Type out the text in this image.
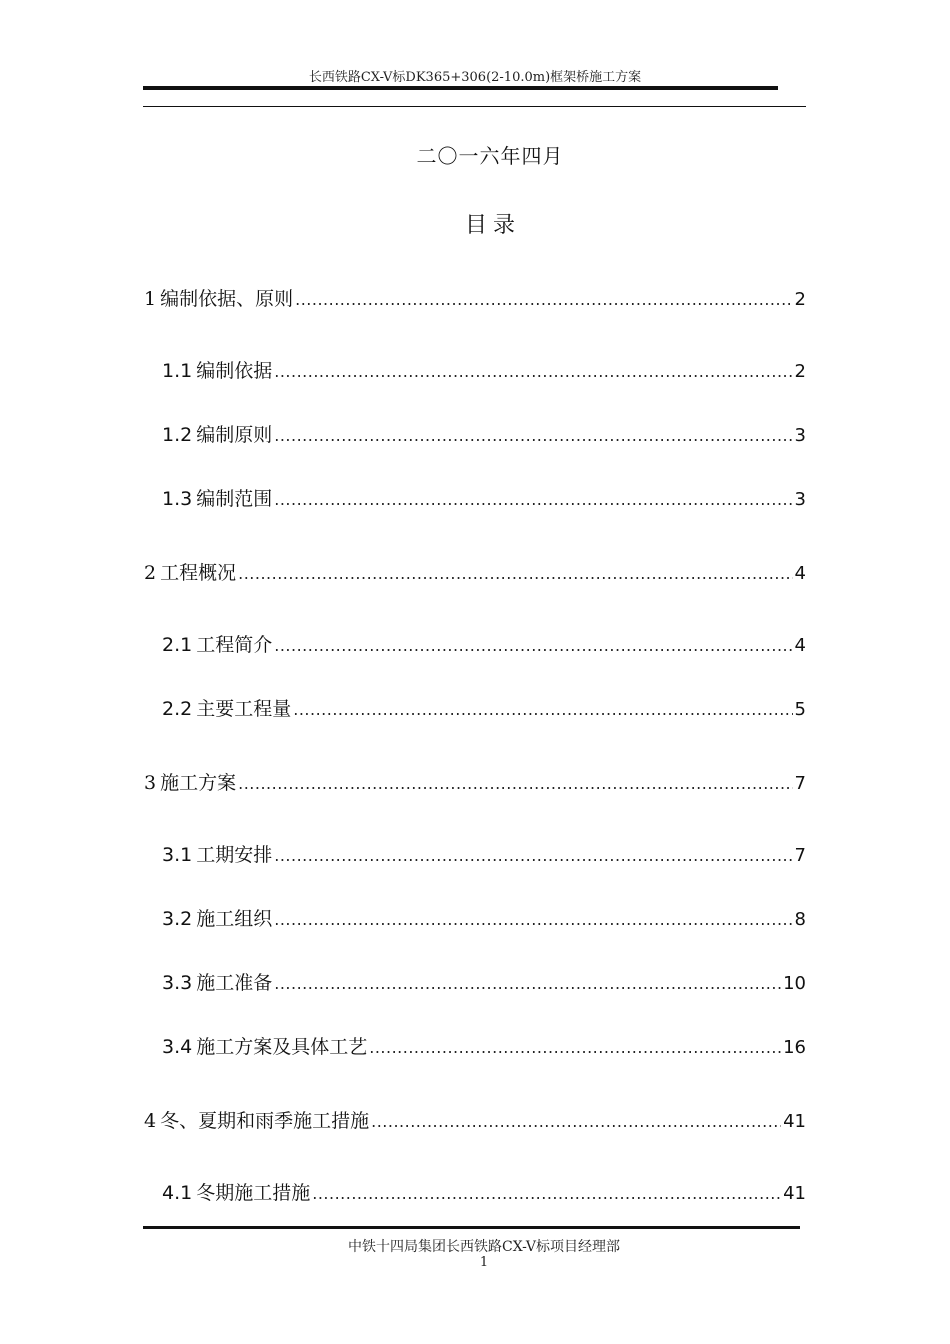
长西铁路CX-V标DK365+306(2-10.0m)框架桥施工方案
二〇一六年四月
目录
1 编制依据、原则 .....	2
1.1 编制依据 .....	2
1.2 编制原则 .....	3
1.3 编制范围 .....	3
2 工程概况 .....	4
2.1 工程简介 .....	4
2.2 主要工程量 .....	5
3 施工方案 .....	7
3.1 工期安排 .....	7
3.2 施工组织 .....	8
3.3 施工准备 .....	10
3.4 施工方案及具体工艺 .....	16
4 冬、夏期和雨季施工措施 .....	41
4.1 冬期施工措施 .....	41
中铁十四局集团长西铁路CX-V标项目经理部
1
